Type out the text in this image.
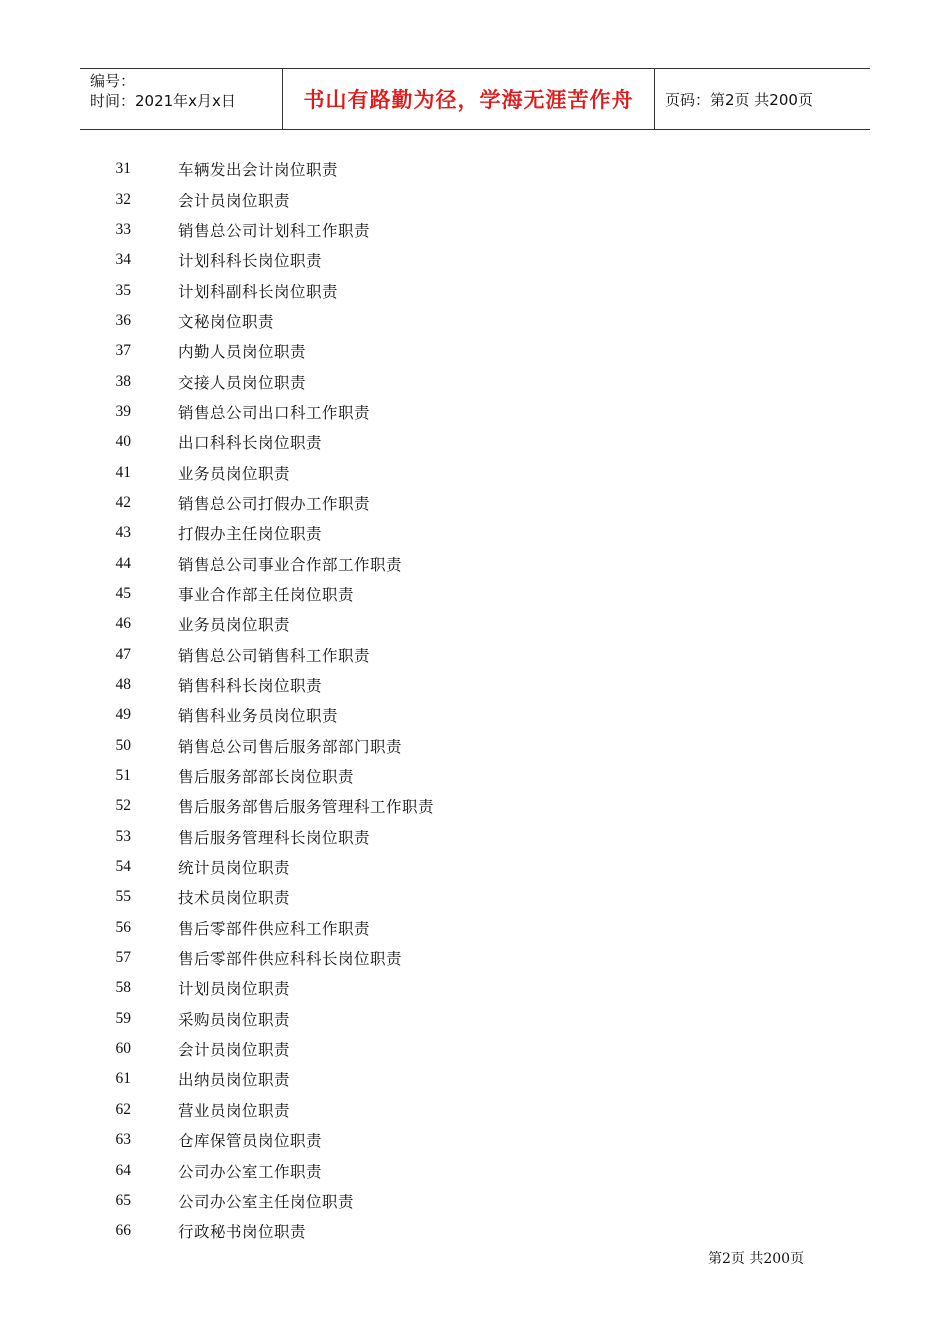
编号：
时间：2021年x月x日	书山有路勤为径，学海无涯苦作舟 页码：第2页 共200页
31	车辆发出会计岗位职责
32	会计员岗位职责
33	销售总公司计划科工作职责
34	计划科科长岗位职责
35	计划科副科长岗位职责
36	文秘岗位职责
37	内勤人员岗位职责
38	交接人员岗位职责
39	销售总公司出口科工作职责
40	出口科科长岗位职责
41	业务员岗位职责
42	销售总公司打假办工作职责
43	打假办主任岗位职责
44	销售总公司事业合作部工作职责
45	事业合作部主任岗位职责
46	业务员岗位职责
47	销售总公司销售科工作职责
48	销售科科长岗位职责
49	销售科业务员岗位职责
50	销售总公司售后服务部部门职责
51	售后服务部部长岗位职责
52	售后服务部售后服务管理科工作职责
53	售后服务管理科长岗位职责
54	统计员岗位职责
55	技术员岗位职责
56	售后零部件供应科工作职责
57	售后零部件供应科科长岗位职责
58	计划员岗位职责
59	采购员岗位职责
60	会计员岗位职责
61	出纳员岗位职责
62	营业员岗位职责
63	仓库保管员岗位职责
64	公司办公室工作职责
65	公司办公室主任岗位职责
66	行政秘书岗位职责
第2页 共200页
